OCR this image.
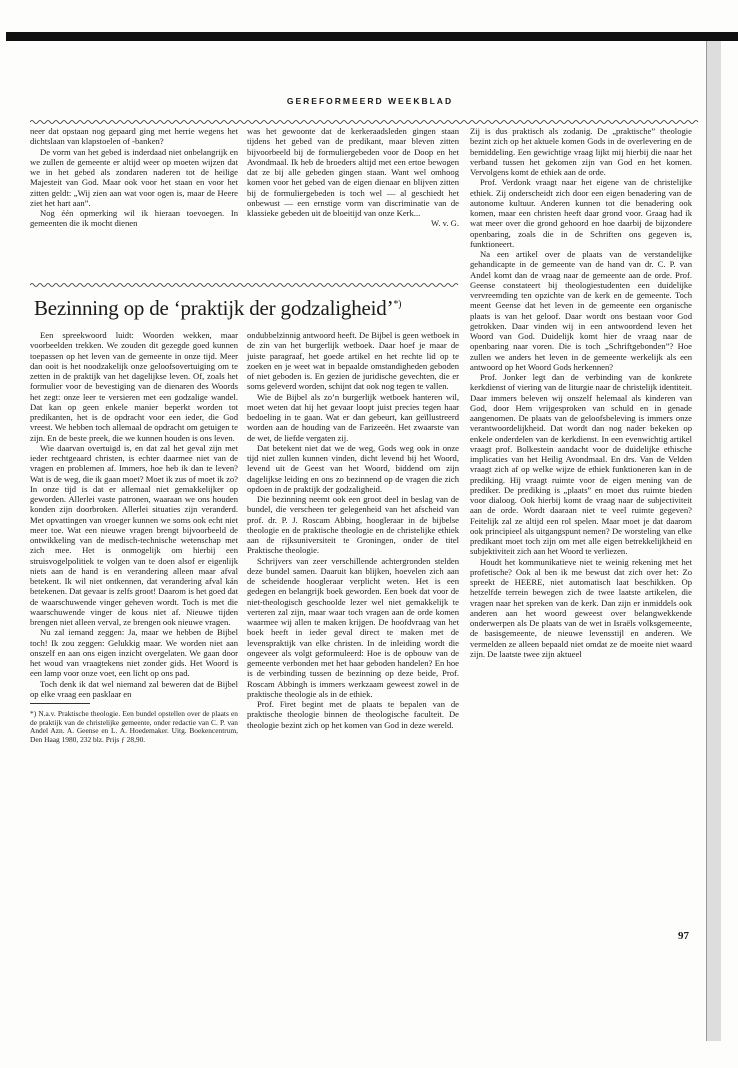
GEREFORMEERD WEEKBLAD

neer dat opstaan nog gepaard ging met herrie wegens het dichtslaan van klapstoelen of -banken?

De vorm van het gebed is inderdaad niet onbelangrijk en we zullen de gemeente er altijd weer op moeten wijzen dat we in het gebed als zondaren naderen tot de heilige Majesteit van God. Maar ook voor het staan en voor het zitten geldt: „Wij zien aan wat voor ogen is, maar de Heere ziet het hart aan”.

Nog één opmerking wil ik hieraan toevoegen. In gemeenten die ik mocht dienen

was het gewoonte dat de kerkeraadsleden gingen staan tijdens het gebed van de predikant, maar bleven zitten bijvoorbeeld bij de formuliergebeden voor de Doop en het Avondmaal. Ik heb de broeders altijd met een ertoe bewogen dat ze bij alle gebeden gingen staan. Want wel omhoog komen voor het gebed van de eigen dienaar en blijven zitten bij de formuliergebeden is toch wel — al geschiedt het onbewust — een ernstige vorm van discriminatie van de klassieke gebeden uit de bloeitijd van onze Kerk...

W. v. G.
Bezinning op de ‘praktijk der godzaligheid’*)

Een spreekwoord luidt: Woorden wekken, maar voorbeelden trekken. We zouden dit gezegde goed kunnen toepassen op het leven van de gemeente in onze tijd. Meer dan ooit is het noodzakelijk onze geloofsovertuiging om te zetten in de praktijk van het dagelijkse leven. Of, zoals het formulier voor de bevestiging van de dienaren des Woords het zegt: onze leer te versieren met een godzalige wandel. Dat kan op geen enkele manier beperkt worden tot predikanten, het is de opdracht voor een ieder, die God vreest. We hebben toch allemaal de opdracht om getuigen te zijn. En de beste preek, die we kunnen houden is ons leven.

Wie daarvan overtuigd is, en dat zal het geval zijn met ieder rechtgeaard christen, is echter daarmee niet van de vragen en problemen af. Immers, hoe heb ik dan te leven? Wat is de weg, die ik gaan moet? Moet ik zus of moet ik zo? In onze tijd is dat er allemaal niet gemakkelijker op geworden. Allerlei vaste patronen, waaraan we ons houden konden zijn doorbroken. Allerlei situaties zijn veranderd. Met opvattingen van vroeger kunnen we soms ook echt niet meer toe. Wat een nieuwe vragen brengt bijvoorbeeld de ontwikkeling van de medisch-technische wetenschap met zich mee. Het is onmogelijk om hierbij een struisvogelpolitiek te volgen van te doen alsof er eigenlijk niets aan de hand is en verandering alleen maar afval betekent. Ik wil niet ontkennen, dat verandering afval kán betekenen. Dat gevaar is zelfs groot! Daarom is het goed dat de waarschuwende vinger geheven wordt. Toch is met die waarschuwende vinger de kous niet af. Nieuwe tijden brengen niet alleen verval, ze brengen ook nieuwe vragen.

Nu zal iemand zeggen: Ja, maar we hebben de Bijbel toch! Ik zou zeggen: Gelukkig maar. We worden niet aan onszelf en aan ons eigen inzicht overgelaten. We gaan door het woud van vraagtekens niet zonder gids. Het Woord is een lamp voor onze voet, een licht op ons pad.

Toch denk ik dat wel niemand zal beweren dat de Bijbel op elke vraag een pasklaar en

*) N.a.v. Praktische theologie. Een bundel opstellen over de plaats en de praktijk van de christelijke gemeente, onder redactie van C. P. van Andel Azn. A. Geense en L. A. Hoedemaker. Uitg. Boekencentrum, Den Haag 1980, 232 blz. Prijs ƒ 28,90.

ondubbelzinnig antwoord heeft. De Bijbel is geen wetboek in de zin van het burgerlijk wetboek. Daar hoef je maar de juiste paragraaf, het goede artikel en het rechte lid op te zoeken en je weet wat in bepaalde omstandigheden geboden of niet geboden is. En gezien de juridische gevechten, die er soms geleverd worden, schijnt dat ook nog tegen te vallen.

Wie de Bijbel als zo’n burgerlijk wetboek hanteren wil, moet weten dat hij het gevaar loopt juist precies tegen haar bedoeling in te gaan. Wat er dan gebeurt, kan geïllustreerd worden aan de houding van de Farizeeën. Het zwaarste van de wet, de liefde vergaten zij.

Dat betekent niet dat we de weg, Gods weg ook in onze tijd niet zullen kunnen vinden, dicht levend bij het Woord, levend uit de Geest van het Woord, biddend om zijn dagelijkse leiding en ons zo bezinnend op de vragen die zich opdoen in de praktijk der godzaligheid.

Die bezinning neemt ook een groot deel in beslag van de bundel, die verscheen ter gelegenheid van het afscheid van prof. dr. P. J. Roscam Abbing, hoogleraar in de bijbelse theologie en de praktische theologie en de christelijke ethiek aan de rijksuniversiteit te Groningen, onder de titel Praktische theologie.

Schrijvers van zeer verschillende achtergronden stelden deze bundel samen. Daaruit kan blijken, hoevelen zich aan de scheidende hoogleraar verplicht weten. Het is een gedegen en belangrijk boek geworden. Een boek dat voor de niet-theologisch geschoolde lezer wel niet gemakkelijk te verteren zal zijn, maar waar toch vragen aan de orde komen waarmee wij allen te maken krijgen. De hoofdvraag van het boek heeft in ieder geval direct te maken met de levenspraktijk van elke christen. In de inleiding wordt die ongeveer als volgt geformuleerd: Hoe is de opbouw van de gemeente verbonden met het haar geboden handelen? En hoe is de verbinding tussen de bezinning op deze beide, Prof. Roscam Abbingh is immers werkzaam geweest zowel in de praktische theologie als in de ethiek.

Prof. Firet begint met de plaats te bepalen van de praktische theologie binnen de theologische faculteit. De theologie bezint zich op het komen van God in deze wereld.

Zij is dus praktisch als zodanig. De „praktische” theologie bezint zich op het aktuele komen Gods in de overlevering en de bemiddeling. Een gewichtige vraag lijkt mij hierbij die naar het verband tussen het gekomen zijn van God en het komen. Vervolgens komt de ethiek aan de orde.

Prof. Verdonk vraagt naar het eigene van de christelijke ethiek. Zij onderscheidt zich door een eigen benadering van de autonome kultuur. Anderen kunnen tot die benadering ook komen, maar een christen heeft daar grond voor. Graag had ik wat meer over die grond gehoord en hoe daarbij de bijzondere openbaring, zoals die in de Schriften ons gegeven is, funktioneert.

Na een artikel over de plaats van de verstandelijke gehandicapte in de gemeente van de hand van dr. C. P. van Andel komt dan de vraag naar de gemeente aan de orde. Prof. Geense constateert bij theologiestudenten een duidelijke vervreemding ten opzichte van de kerk en de gemeente. Toch meent Geense dat het leven in de gemeente een organische plaats is van het geloof. Daar wordt ons bestaan voor God getrokken. Daar vinden wij in een antwoordend leven het Woord van God. Duidelijk komt hier de vraag naar de openbaring naar voren. Die is toch „Schriftgebonden”? Hoe zullen we anders het leven in de gemeente werkelijk als een antwoord op het Woord Gods herkennen?

Prof. Jonker legt dan de verbinding van de konkrete kerkdienst of viering van de liturgie naar de christelijk identiteit. Daar immers beleven wij onszelf helemaal als kinderen van God, door Hem vrijgesproken van schuld en in genade aangenomen. De plaats van de geloofsbeleving is immers onze verantwoordelijkheid. Dat wordt dan nog nader bekeken op enkele onderdelen van de kerkdienst. In een evenwichtig artikel vraagt prof. Bolkestein aandacht voor de duidelijke ethische implicaties van het Heilig Avondmaal. En drs. Van de Velden vraagt zich af op welke wijze de ethiek funktioneren kan in de prediking. Hij vraagt ruimte voor de eigen mening van de prediker. De prediking is „plaats” en moet dus ruimte bieden voor dialoog. Ook hierbij komt de vraag naar de subjectiviteit aan de orde. Wordt daaraan niet te veel ruimte gegeven? Feitelijk zal ze altijd een rol spelen. Maar moet je dat daarom ook principieel als uitgangspunt nemen? De worsteling van elke predikant moet toch zijn om met alle eigen betrekkelijkheid en subjektiviteit zich aan het Woord te verliezen.

Houdt het kommunikatieve niet te weinig rekening met het profetische? Ook al ben ik me bewust dat zich over het: Zo spreekt de HEERE, niet automatisch laat beschikken. Op hetzelfde terrein bewegen zich de twee laatste artikelen, die vragen naar het spreken van de kerk. Dan zijn er inmiddels ook anderen aan het woord geweest over belangwekkende onderwerpen als De plaats van de wet in Israëls volksgemeente, de basisgemeente, de nieuwe levensstijl en anderen. We vermelden ze alleen bepaald niet omdat ze de moeite niet waard zijn. De laatste twee zijn aktueel

97
